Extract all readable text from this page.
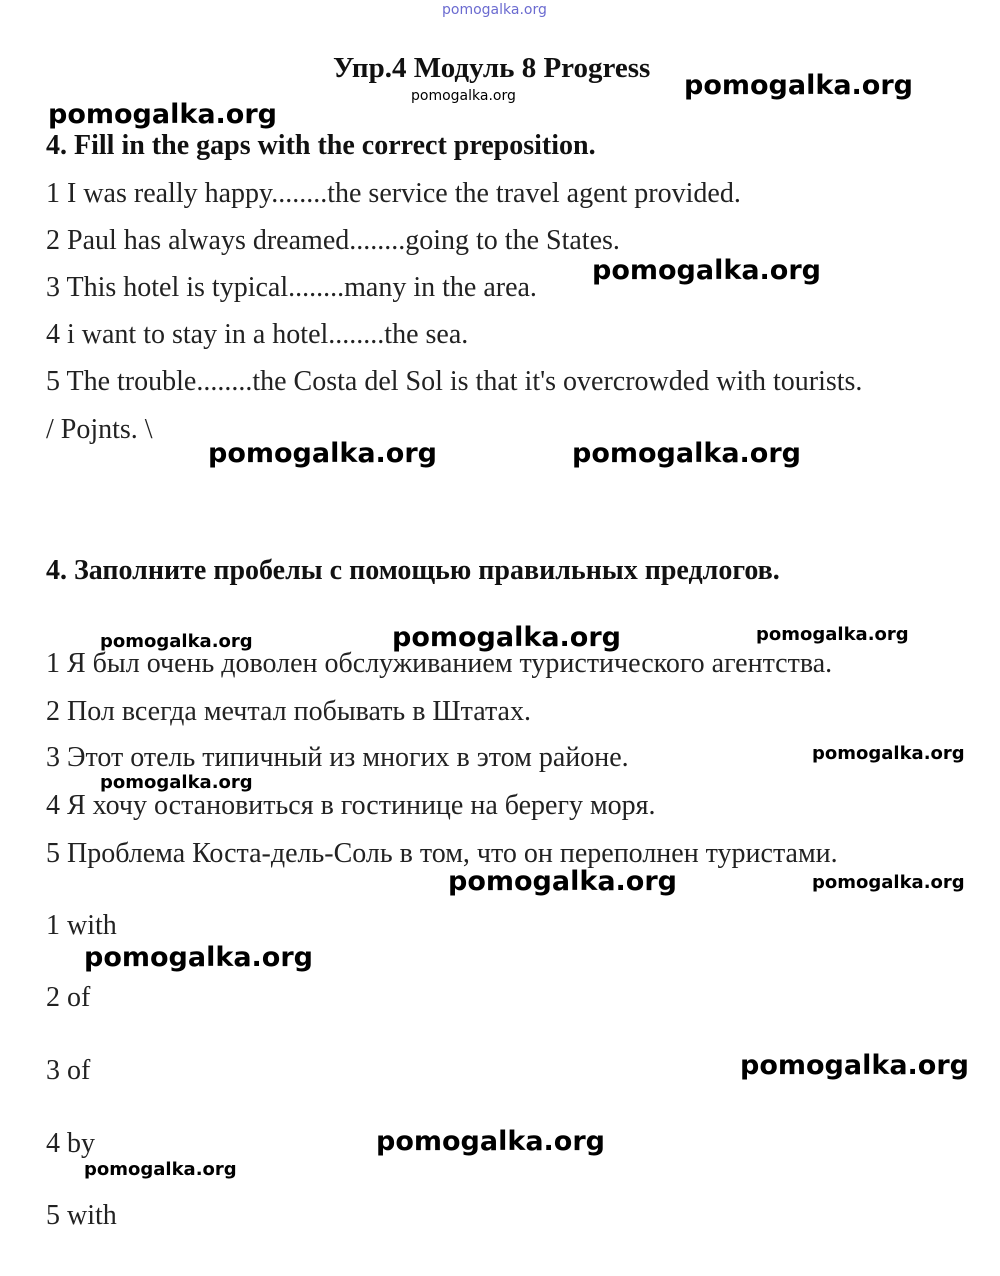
pomogalka.org
Упр.4 Модуль 8 Progress
pomogalka.org	pomogalka.org
pomogalka.org
4. Fill in the gaps with the correct preposition.
1 I was really happy........the service the travel agent provided.
2 Paul has always dreamed........going to the States.
3 This hotel is typical........many in the area.
pomogalka.org
4 i want to stay in a hotel........the sea.
5 The trouble........the Costa del Sol is that it's overcrowded with tourists.
/ Pojnts. \
pomogalka.org	pomogalka.org
4. Заполните пробелы с помощью правильных предлогов.
pomogalka.org	pomogalka.org	pomogalka.org
1 Я был очень доволен обслуживанием туристического агентства.
2 Пол всегда мечтал побывать в Штатах.
3 Этот отель типичный из многих в этом районе.	pomogalka.org
pomogalka.org
4 Я хочу остановиться в гостинице на берегу моря.
5 Проблема Коста-дель-Соль в том, что он переполнен туристами.
pomogalka.org	pomogalka.org
1 with
pomogalka.org
2 of
3 of	pomogalka.org
4 by	pomogalka.org
pomogalka.org
5 with
